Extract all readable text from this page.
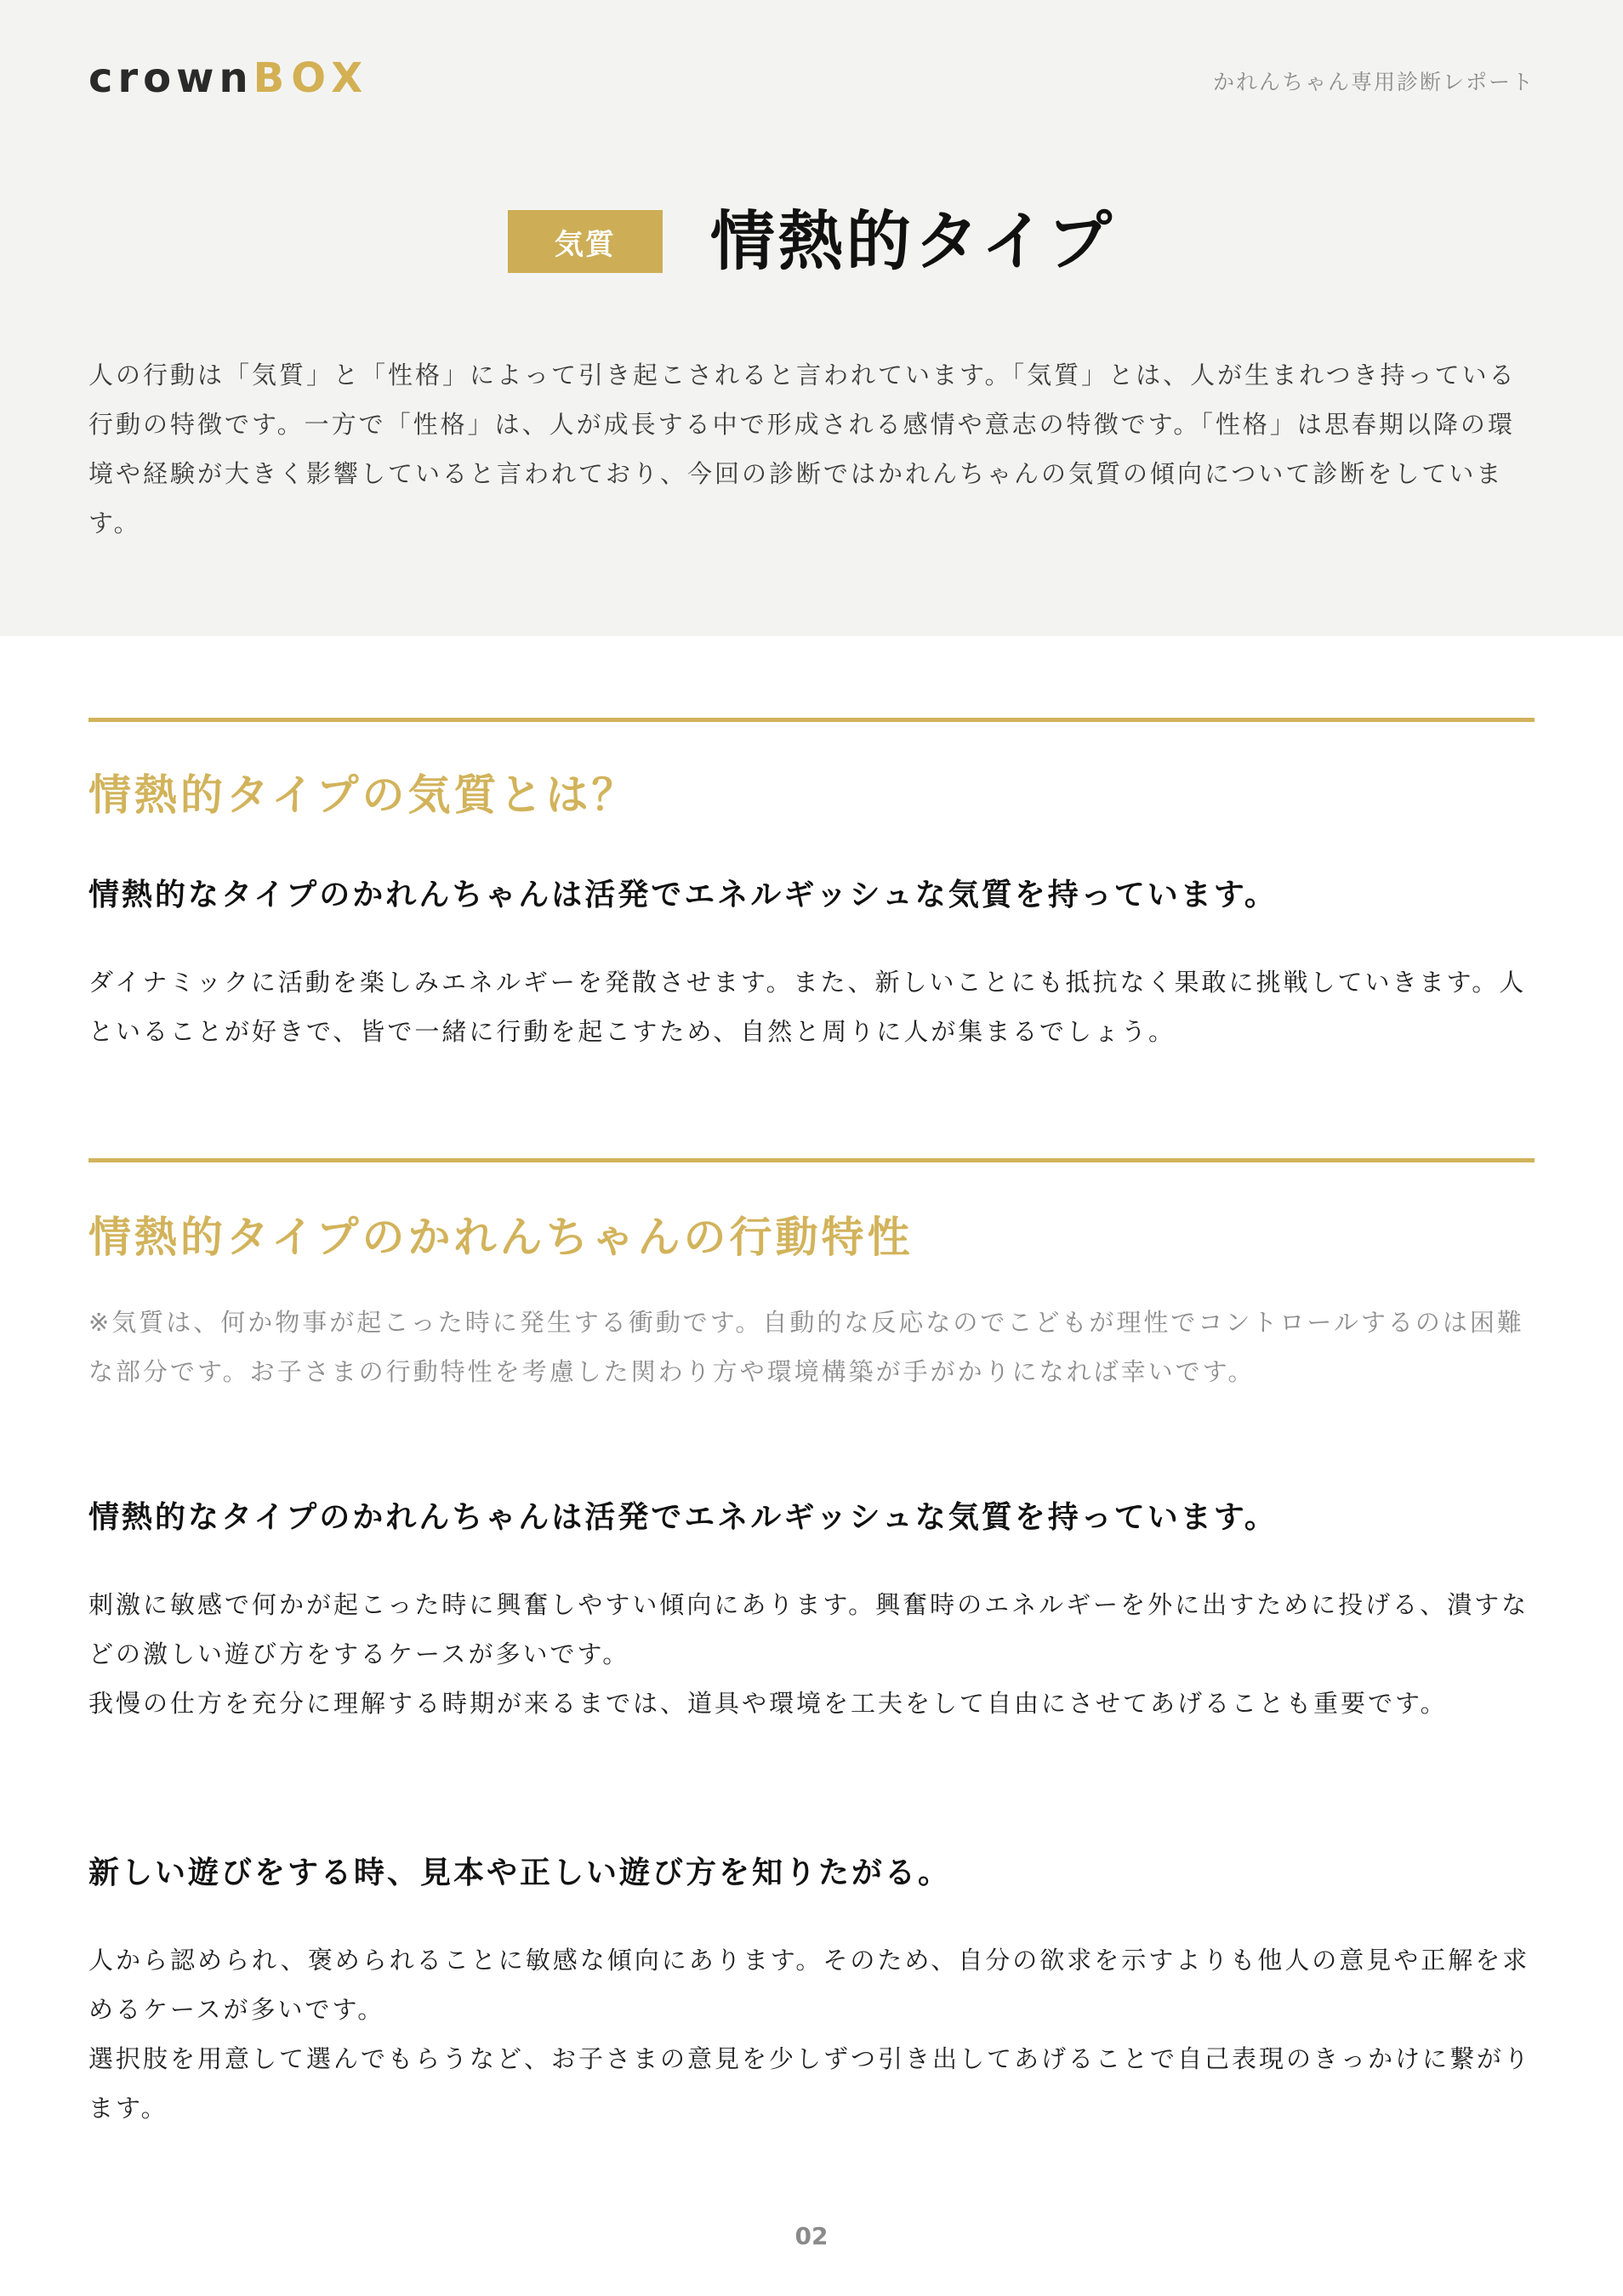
crownBOX	かれんちゃん専用診断レポート
気質	情熱的タイプ
人の行動は「気質」と「性格」によって引き起こされると言われています。「気質」とは、人が生まれつき持っている行動の特徴です。一方で「性格」は、人が成長する中で形成される感情や意志の特徴です。「性格」は思春期以降の環境や経験が大きく影響していると言われており、今回の診断ではかれんちゃんの気質の傾向について診断をしています。
情熱的タイプの気質とは？
情熱的なタイプのかれんちゃんは活発でエネルギッシュな気質を持っています。
ダイナミックに活動を楽しみエネルギーを発散させます。また、新しいことにも抵抗なく果敢に挑戦していきます。人といることが好きで、皆で一緒に行動を起こすため、自然と周りに人が集まるでしょう。
情熱的タイプのかれんちゃんの行動特性
※気質は、何か物事が起こった時に発生する衝動です。自動的な反応なのでこどもが理性でコントロールするのは困難な部分です。お子さまの行動特性を考慮した関わり方や環境構築が手がかりになれば幸いです。
情熱的なタイプのかれんちゃんは活発でエネルギッシュな気質を持っています。
刺激に敏感で何かが起こった時に興奮しやすい傾向にあります。興奮時のエネルギーを外に出すために投げる、潰すなどの激しい遊び方をするケースが多いです。
我慢の仕方を充分に理解する時期が来るまでは、道具や環境を工夫をして自由にさせてあげることも重要です。
新しい遊びをする時、見本や正しい遊び方を知りたがる。
人から認められ、褒められることに敏感な傾向にあります。そのため、自分の欲求を示すよりも他人の意見や正解を求めるケースが多いです。
選択肢を用意して選んでもらうなど、お子さまの意見を少しずつ引き出してあげることで自己表現のきっかけに繋がります。
02
